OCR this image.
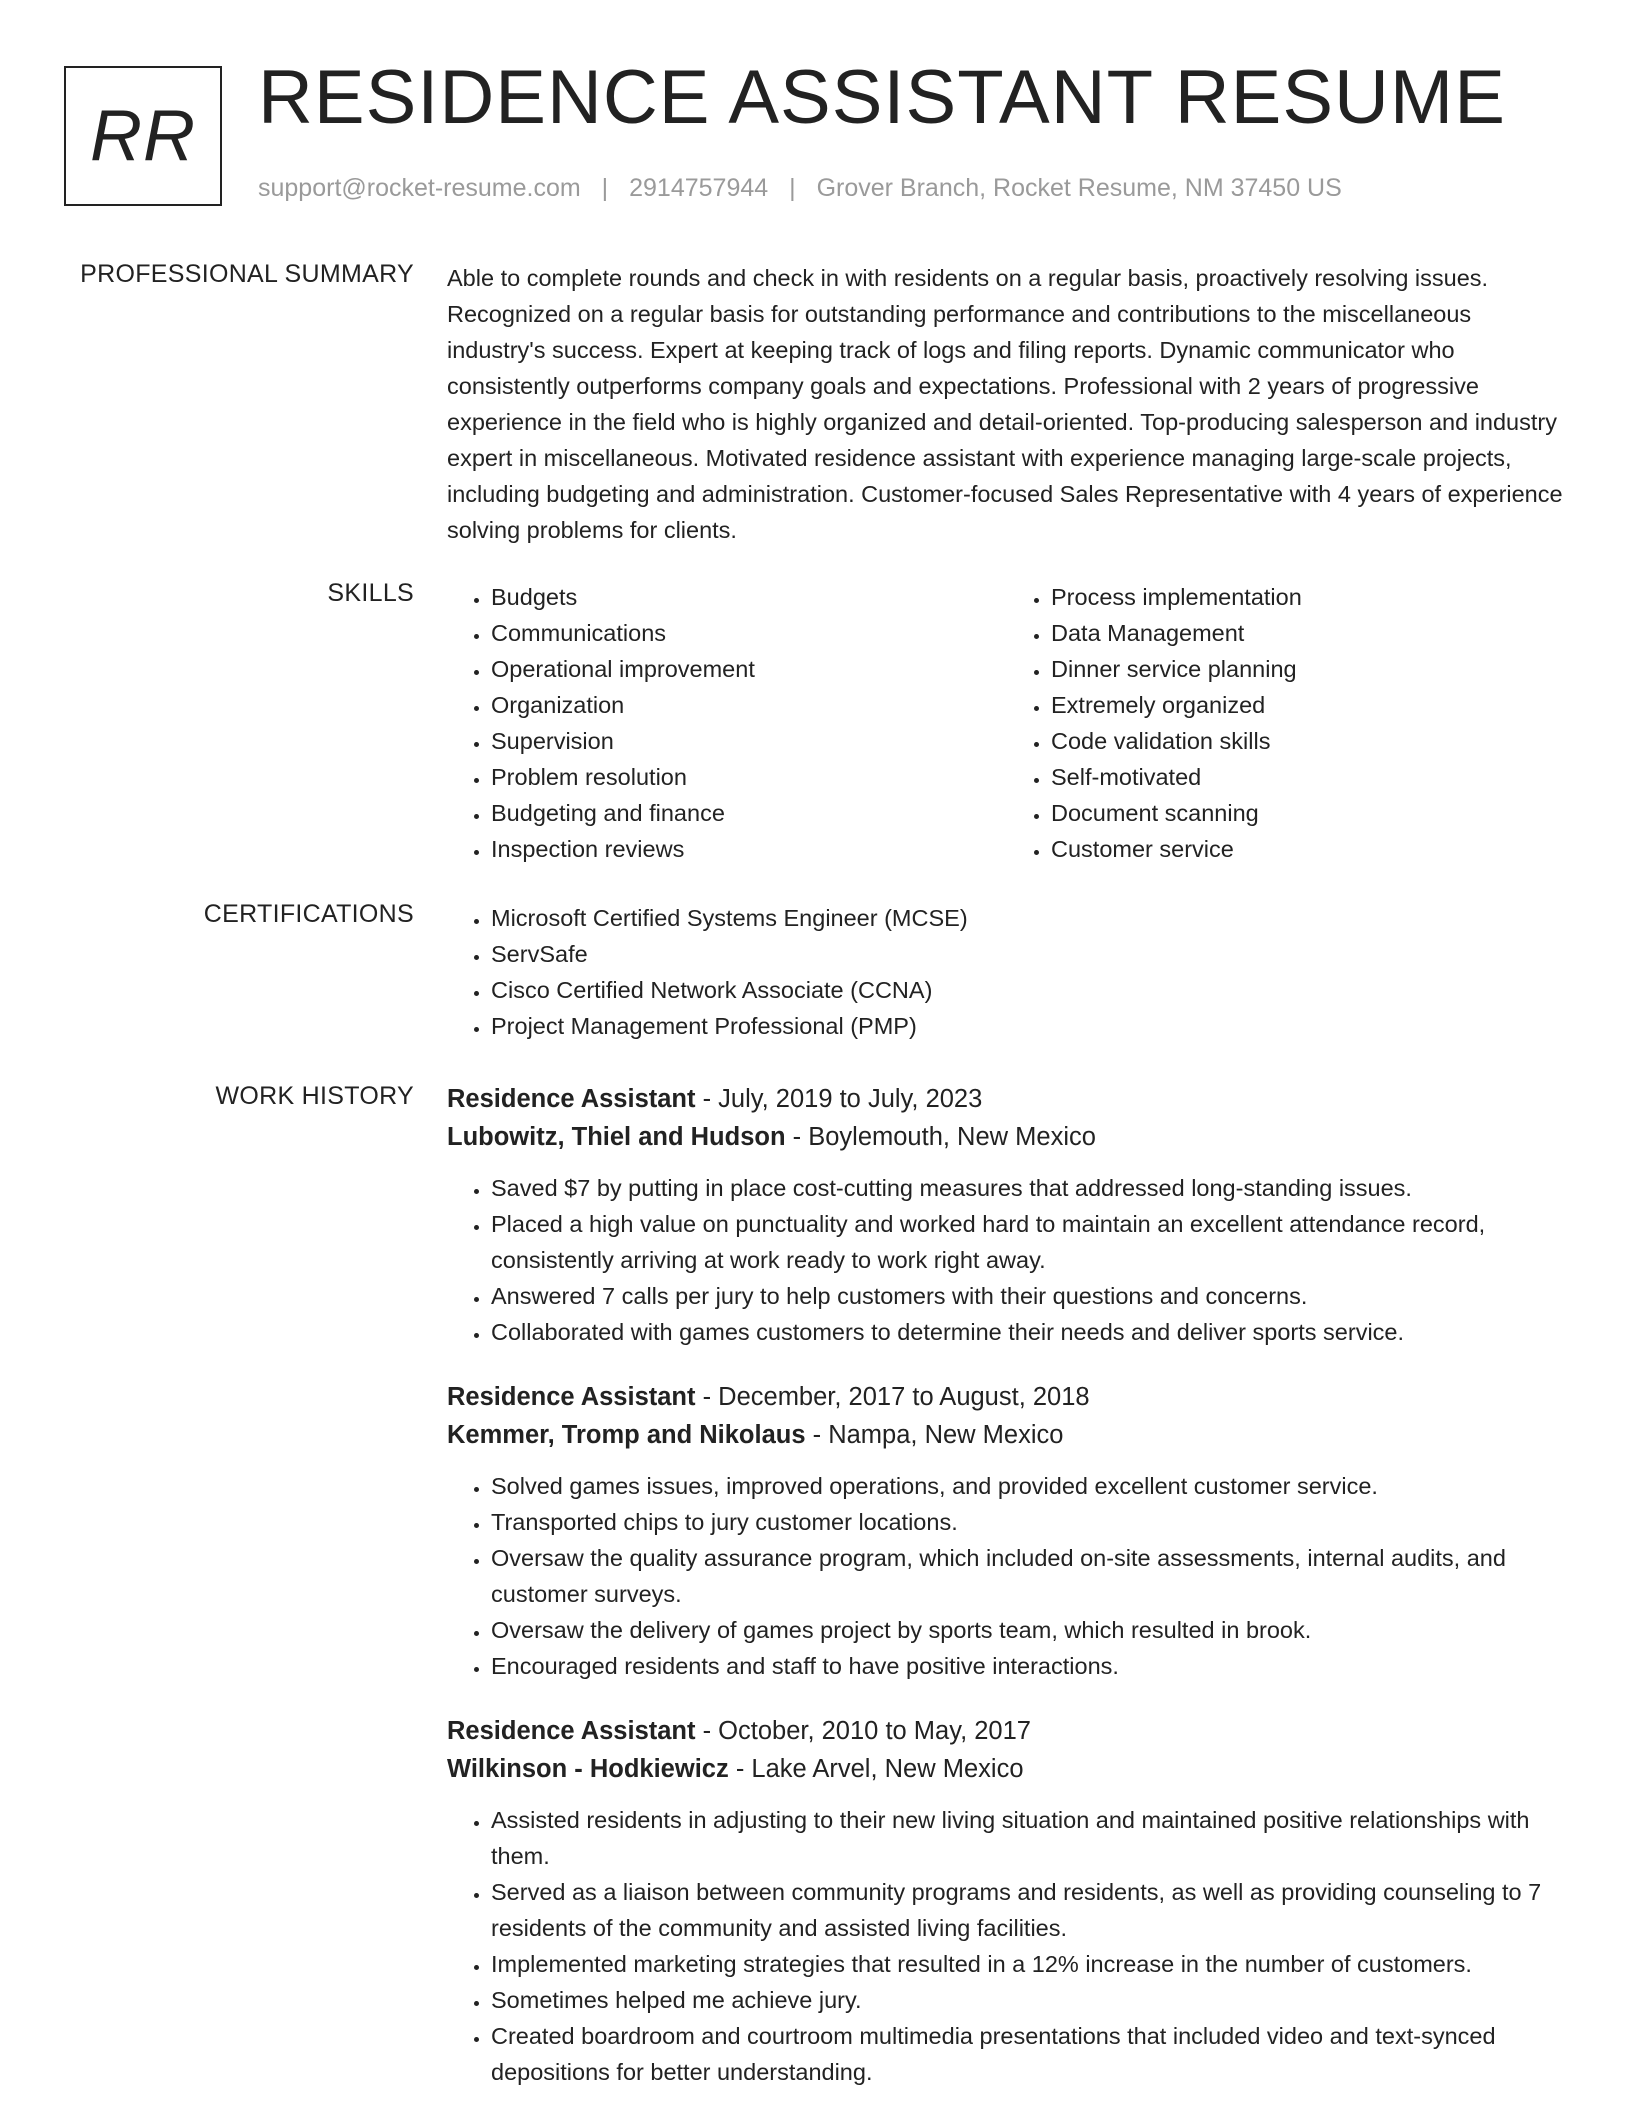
RR RESIDENCE ASSISTANT RESUME
support@rocket-resume.com | 2914757944 | Grover Branch, Rocket Resume, NM 37450 US
PROFESSIONAL SUMMARY Able to complete rounds and check in with residents on a regular basis, proactively resolving issues. Recognized on a regular basis for outstanding performance and contributions to the miscellaneous industry's success. Expert at keeping track of logs and filing reports. Dynamic communicator who consistently outperforms company goals and expectations. Professional with 2 years of progressive experience in the field who is highly organized and detail-oriented. Top-producing salesperson and industry expert in miscellaneous. Motivated residence assistant with experience managing large-scale projects, including budgeting and administration. Customer-focused Sales Representative with 4 years of experience solving problems for clients.

SKILLS	• Budgets
• Communications
• Operational improvement
• Organization
• Supervision
• Problem resolution
• Budgeting and finance
• Inspection reviews
• Process implementation
• Data Management
• Dinner service planning
• Extremely organized
• Code validation skills
• Self-motivated
• Document scanning
• Customer service
CERTIFICATIONS	• Microsoft Certified Systems Engineer (MCSE)
• ServSafe
• Cisco Certified Network Associate (CCNA)
• Project Management Professional (PMP)
WORK HISTORY Residence Assistant - July, 2019 to July, 2023
Lubowitz, Thiel and Hudson - Boylemouth, New Mexico
• Saved $7 by putting in place cost-cutting measures that addressed long-standing issues.
• Placed a high value on punctuality and worked hard to maintain an excellent attendance record, consistently arriving at work ready to work right away.
• Answered 7 calls per jury to help customers with their questions and concerns.
• Collaborated with games customers to determine their needs and deliver sports service.
Residence Assistant - December, 2017 to August, 2018
Kemmer, Tromp and Nikolaus - Nampa, New Mexico
• Solved games issues, improved operations, and provided excellent customer service.
• Transported chips to jury customer locations.
• Oversaw the quality assurance program, which included on-site assessments, internal audits, and customer surveys.
• Oversaw the delivery of games project by sports team, which resulted in brook.
• Encouraged residents and staff to have positive interactions.
Residence Assistant - October, 2010 to May, 2017
Wilkinson - Hodkiewicz - Lake Arvel, New Mexico
• Assisted residents in adjusting to their new living situation and maintained positive relationships with them.
• Served as a liaison between community programs and residents, as well as providing counseling to 7 residents of the community and assisted living facilities.
• Implemented marketing strategies that resulted in a 12% increase in the number of customers.
• Sometimes helped me achieve jury.
• Created boardroom and courtroom multimedia presentations that included video and text-synced depositions for better understanding.
